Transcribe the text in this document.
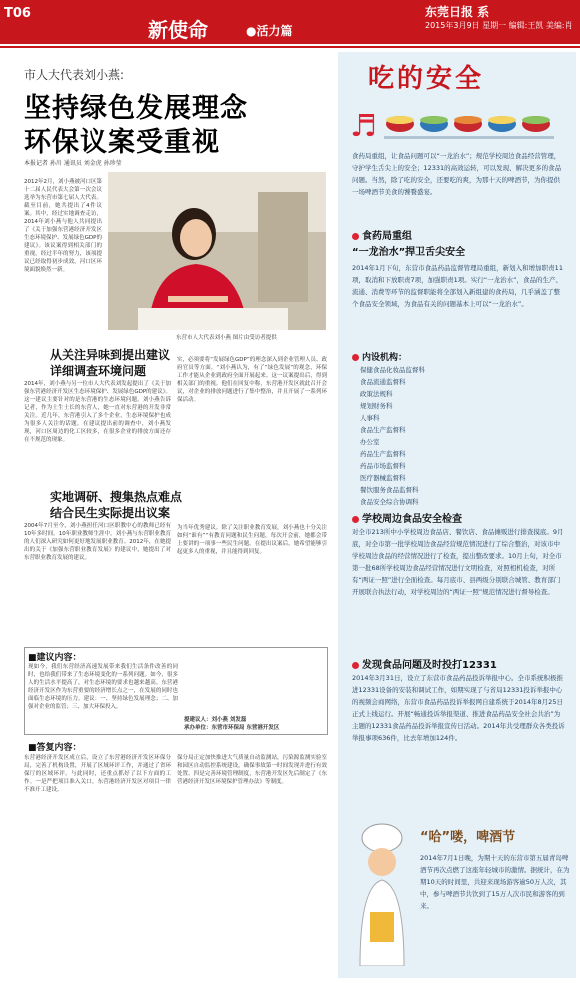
T06
新使命	●活力篇
东莞日报 系
2015年3月9日 星期一 编辑:王凯 美编:肖
市人大代表刘小燕:
坚持绿色发展理念
环保议案受重视
本报记者 孙川 通讯员 刘金虎 孙珍莹
2012年2月，刘小燕被河口区第十二届人民代表大会第一次会议选举为东营市第七届人大代表。截至目前，她共提出了4件议案。其中，经过实地调查走访，2014年刘小燕与他人共同提出了《关于加强东营港经济开发区生态环境保护、发展绿色GDP的建议》。该议案得到相关部门的重视，经过半年的努力，该项提议已经取得初步成效，河口区环境面貌焕然一新。
东营市人大代表刘小燕 图片由受访者提供
从关注异味到提出建议
详细调查环境问题
2014年，刘小燕与另一位市人大代表刘发起提出了《关于加强东营港经济开发区生态环境保护、发展绿色GDP的建议》。这一建议主要针对的是东营港的生态环境问题。刘小燕告诉记者，作为土生土长的东营人，她一直对东营港的开发非常关注。近几年，东营港引入了多个企业，生态环境保护也成为很多人关注的话题。在建议提出前的调查中，刘小燕发现，河口区周边的化工区较多，在很多企业的排放方面还存在不规范的现象。
实，必须要将“发展绿色GDP”的理念深入到企业管理人员、政府官员等方面。“刘小燕认为，有了“绿色发展”的观念，环保工作才能从企业到政府全面开展起来。这一议案提出后，得到相关部门的重视。他们在回复中称，东营港开发区就此召开会议，对企业的排放问题进行了集中整治，并且开展了一系列环保活动。
实地调研、搜集热点难点
结合民生实际提出议案
2004年7月至今，刘小燕担任河口区职教中心的教师已经有10年多时间。10年职业教师生涯中，刘小燕与东营职业教育的人们深入研究如何更好地发展职业教育。2012年，在她提出的关于《加强东营职业教育发展》的建议中，她提出了对东营职业教育发展的建议。
为当年优秀建议。除了关注职业教育发展，刘小燕也十分关注如何“谁有”“有教育问题和民生问题，每次开会前，她都会带上要讲的一项事一些民生问题。在提出议案后，她希望能够引起更多人的重视，并且能得到回复。
■建议内容：
现如今，我们东营经济高速发展带来我们生活条件改善的同时，也给我们带来了生态环境变化的一系列问题。如今，很多人的生活水平提高了，对生态环境的要求也越来越高。东营港经济开发区作为东营重要的经济增长点之一，在发展的同时也面临生态环境的压力。建议：一、坚持绿色发展理念；二、加强对企业的监管；三、加大环保投入。
提建议人：刘小燕 刘发磊
承办单位：东营市环保局 东营港开发区
■答复内容：
东营港经济开发区成立后，设立了东营港经济开发区环保分局，完善了机构设置，开展了区域环评工作，并通过了省环保厅的区域环评。与此同时，还重点抓好了以下方面的工作。一是严把项目准入关口。东营港经济开发区对项目一律不准开工建设。
保分局正定加快推进大气质量自动监测站，污染源监测实验室和园区自动监控系统建设，确保事故第一时间发现并进行有效处置。四是完善环境管理制度，东营港开发区先后制定了《东营港经济开发区环境保护管理办法》等制度。
吃的安全
♬
食药局重组，让食品问题可以“一龙治水”；规范学校周边食品经营管理，守护学生舌尖上的安全；12331的高效运转，可以发现、解决更多的食品问题。当然，除了吃的安全，还要吃的爽，为那十天的啤酒节，为你提供一场啤酒节美食的饕餮盛宴。
食药局重组
“一龙治水”捍卫舌尖安全
2014年1月下旬，东营市食品药品监督管理局重组，新划入和增加职责11项，取消和下放职责7项，加强职责1项。实行“一龙治水”，食品的生产、流通、消费等环节的监督职能将全部划入新组建的食药局，几乎涵盖了整个食品安全领域，为食品有关的问题基本上可以“一龙治水”。
内设机构：
保健食品化妆品监督科
食品流通监督科
政策法规科
规划财务科
人事科
食品生产监督科
办公室
药品生产监督科
药品市场监督科
医疗器械监督科
餐饮服务食品监督科
食品安全综合协调科
学校周边食品安全检查
对全市213所中小学校周边食品店、餐饮店、食品摊贩进行排查摸底。9月底，对全市第一批学校周边食品经营规范情况进行了综合整治，对该市中学校周边食品的经营情况进行了检查，提出整改要求。10月上旬，对全市第一批68所学校周边食品经营情况进行文明检查，对照相机检查，对所有“两证一照”进行全面检查。每月底市、县两级分别联合城管、教育部门开展联合执法行动，对学校周边的“两证一照”规范情况进行督导检查。
发现食品问题及时投打12331
2014年3月31日，设立了东营市食品药品投诉举报中心。全市系统积极推进12331设备的安装和调试工作，如期实现了与省局12331投诉举报中心的视频会商网络，东营市食品药品投诉举报网自建系统于2014年8月25日正式上线运行。开展“畅通投诉举报渠道、推进食品药品安全社会共治”为主题的12331食品药品投诉举报宣传日活动。2014年共受理群众各类投诉举报事项636件，比去年增加124件。
“哈”喽，啤酒节
2014年7月1日晚，为期十天的东营市第五届青岛啤酒节再次点燃了这座年轻城市的激情。据统计，在为期10天的时间里，共迎来现场游客逾50万人次，其中，参与啤酒节共饮到了15万人次市民和游客的到来。
